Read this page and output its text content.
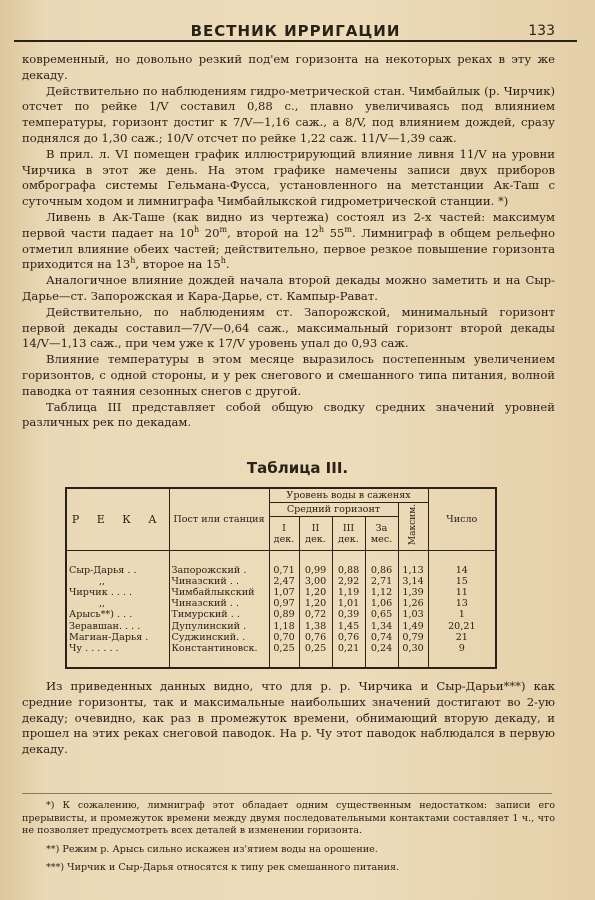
ВЕСТНИК ИРРИГАЦИИ	133

ковременный, но довольно резкий под'ем горизонта на некоторых реках в эту же декаду.

Действительно по наблюдениям гидро-метрической стан. Чимбайлык (р. Чирчик) отсчет по рейке 1/V составил 0,88 с., плавно увеличиваясь под влиянием температуры, горизонт достиг к 7/V—1,16 саж., а 8/V, под влиянием дождей, сразу поднялся до 1,30 саж.; 10/V отсчет по рейке 1,22 саж. 11/V—1,39 саж.

В прил. л. VI помещен график иллюстрирующий влияние ливня 11/V на уровни Чирчика в этот же день. На этом графике намечены записи двух приборов омбрографа системы Гельмана-Фусса, установленного на метстанции Ак-Таш с суточным ходом и лимниграфа Чимбайлыкской гидрометрической станции. *)

Ливень в Ак-Таше (как видно из чертежа) состоял из 2-х частей: максимум первой части падает на 10$^h$ 20$^m$, второй на 12$^h$ 55$^m$. Лимниграф в общем рельефно отметил влияние обеих частей; действительно, первое резкое повышение горизонта приходится на 13$^h$, второе на 15$^h$.

Аналогичное влияние дождей начала второй декады можно заметить и на Сыр-Дарье—ст. Запорожская и Кара-Дарье, ст. Кампыр-Рават.

Действительно, по наблюдениям ст. Запорожской, минимальный горизонт первой декады составил—7/V—0,64 саж., максимальный горизонт второй декады 14/V—1,13 саж., при чем уже к 17/V уровень упал до 0,93 саж.

Влияние температуры в этом месяце выразилось постепенным увеличением горизонтов, с одной стороны, и у рек снегового и смешанного типа питания, волной паводка от таяния сезонных снегов с другой.

Таблица III представляет собой общую сводку средних значений уровней различных рек по декадам.

Таблица III.
Р Е К А	Пост или станция	Уровень воды в саженях					Число
		Средний горизонт				Максим.	
		I дек.	II дек.	III дек.	За мес.		

Сыр-Дарья . .	Запорожский .	0,71	0,99	0,88	0,86	1,13	14
,,	Чиназский . .	2,47	3,00	2,92	2,71	3,14	15
Чирчик . . . .	Чимбайлыкский	1,07	1,20	1,19	1,12	1,39	11
,,	Чиназский . .	0,97	1,20	1,01	1,06	1,26	13
Арысь**) . . .	Тимурский . .	0,89	0,72	0,39	0,65	1,03	1
Зеравшан. . . .	Дупулинский .	1,18	1,38	1,45	1,34	1,49	20,21
Магиан-Дарья .	Суджинский. .	0,70	0,76	0,76	0,74	0,79	21
Чу . . . . . .	Константиновск.	0,25	0,25	0,21	0,24	0,30	9

Из приведенных данных видно, что для р. р. Чирчика и Сыр-Дарьи***) как средние горизонты, так и максимальные наибольших значений достигают во 2-ую декаду; очевидно, как раз в промежуток времени, обнимающий вторую декаду, и прошел на этих реках снеговой паводок. На р. Чу этот паводок наблюдался в первую декаду.

*) К сожалению, лимниграф этот обладает одним существенным недостатком: записи его прерывисты, и промежуток времени между двумя последовательными контактами составляет 1 ч., что не позволяет предусмотреть всех деталей в изменении горизонта.

**) Режим р. Арысь сильно искажен из'ятием воды на орошение.

***) Чирчик и Сыр-Дарья относятся к типу рек смешанного питания.
